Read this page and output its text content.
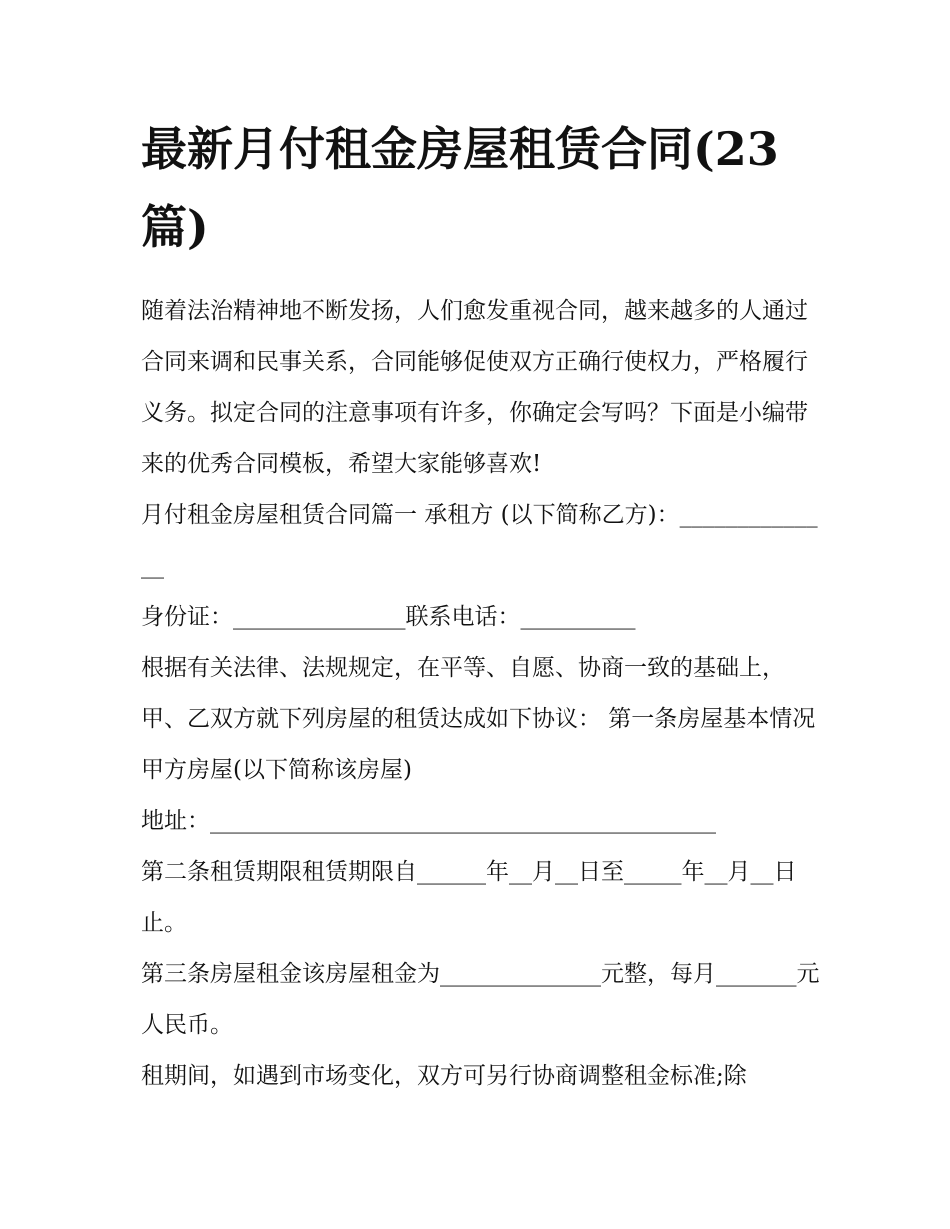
最新月付租金房屋租赁合同(23篇)

随着法治精神地不断发扬，人们愈发重视合同，越来越多的人通过合同来调和民事关系，合同能够促使双方正确行使权力，严格履行义务。拟定合同的注意事项有许多，你确定会写吗？下面是小编带来的优秀合同模板，希望大家能够喜欢!

月付租金房屋租赁合同篇一 承租方 (以下简称乙方)：______________

身份证：_______________联系电话：__________

根据有关法律、法规规定，在平等、自愿、协商一致的基础上，甲、乙双方就下列房屋的租赁达成如下协议： 第一条房屋基本情况甲方房屋(以下简称该房屋)

地址：____________________________________________

第二条租赁期限租赁期限自______年__月__日至_____年__月__日止。

第三条房屋租金该房屋租金为______________元整，每月_______元人民币。

租期间，如遇到市场变化，双方可另行协商调整租金标准;除
